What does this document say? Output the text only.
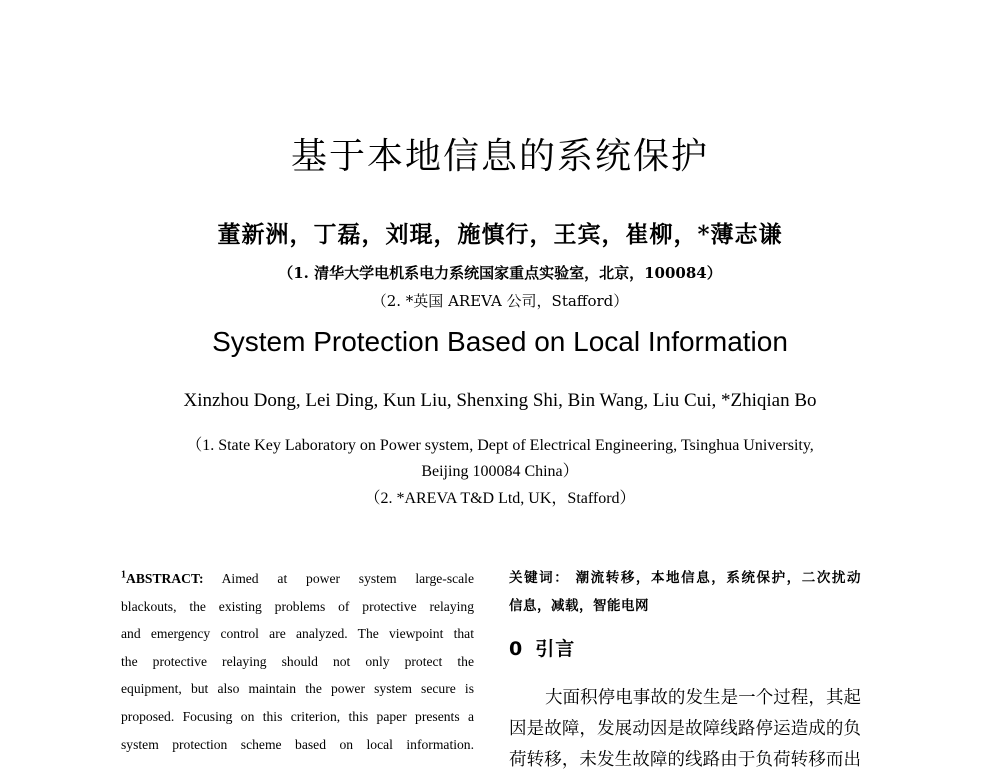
基于本地信息的系统保护
董新洲，丁磊，刘琨，施慎行，王宾，崔柳，*薄志谦
（1. 清华大学电机系电力系统国家重点实验室，北京，100084）
（2. *英国 AREVA 公司，Stafford）
System Protection Based on Local Information
Xinzhou Dong, Lei Ding, Kun Liu, Shenxing Shi, Bin Wang, Liu Cui, *Zhiqian Bo
（1. State Key Laboratory on Power system, Dept of Electrical Engineering, Tsinghua University,
Beijing 100084 China）
（2. *AREVA T&D Ltd, UK，Stafford）
$^1$ABSTRACT: Aimed at power system large-scale
blackouts, the existing problems of protective relaying
and emergency control are analyzed. The viewpoint that
the protective relaying should not only protect the
equipment, but also maintain the power system secure is
proposed. Focusing on this criterion, this paper presents a
system protection scheme based on local information.
关键词： 潮流转移，本地信息，系统保护，二次扰动
信息，减载，智能电网
0 引言
大面积停电事故的发生是一个过程，其起
因是故障，发展动因是故障线路停运造成的负
荷转移，未发生故障的线路由于负荷转移而出
